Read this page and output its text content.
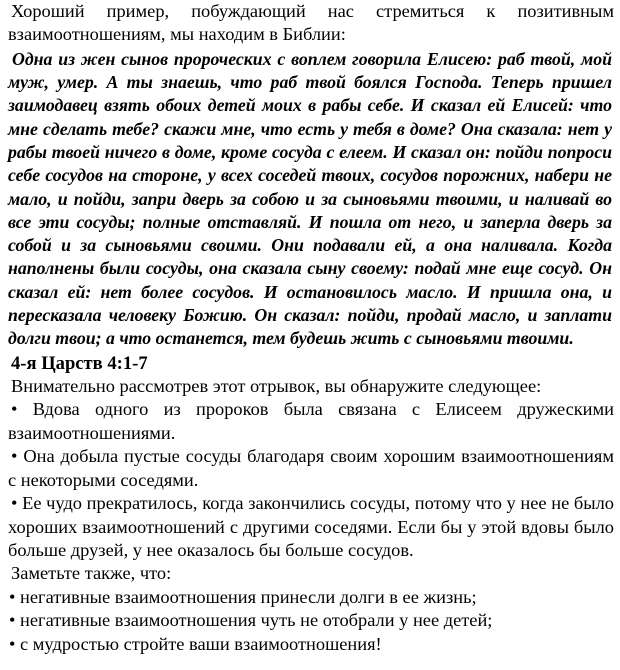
Хороший пример, побуждающий нас стремиться к позитивным взаимоотношениям, мы находим в Библии:

Одна из жен сынов пророческих с воплем говорила Елисею: раб твой, мой муж, умер. А ты знаешь, что раб твой боялся Господа. Теперь пришел заимодавец взять обоих детей моих в рабы себе. И сказал ей Елисей: что мне сделать тебе? скажи мне, что есть у тебя в доме? Она сказала: нет у рабы твоей ничего в доме, кроме сосуда с елеем. И сказал он: пойди попроси себе сосудов на стороне, у всех соседей твоих, сосудов порожних, набери не мало, и пойди, запри дверь за собою и за сыновьями твоими, и наливай во все эти сосуды; полные отставляй. И пошла от него, и заперла дверь за собой и за сыновьями своими. Они подавали ей, а она наливала. Когда наполнены были сосуды, она сказала сыну своему: подай мне еще сосуд. Он сказал ей: нет более сосудов. И остановилось масло. И пришла она, и пересказала человеку Божию. Он сказал: пойди, продай масло, и заплати долги твои; а что останется, тем будешь жить с сыновьями твоими.

4-я Царств 4:1-7

Внимательно рассмотрев этот отрывок, вы обнаружите следующее:

• Вдова одного из пророков была связана с Елисеем дружескими взаимоотношениями.
• Она добыла пустые сосуды благодаря своим хорошим взаимоотношениям с некоторыми соседями.
• Ее чудо прекратилось, когда закончились сосуды, потому что у нее не было хороших взаимоотношений с другими соседями. Если бы у этой вдовы было больше друзей, у нее оказалось бы больше сосудов.

Заметьте также, что:

• негативные взаимоотношения принесли долги в ее жизнь;
• негативные взаимоотношения чуть не отобрали у нее детей;
• с мудростью стройте ваши взаимоотношения!
